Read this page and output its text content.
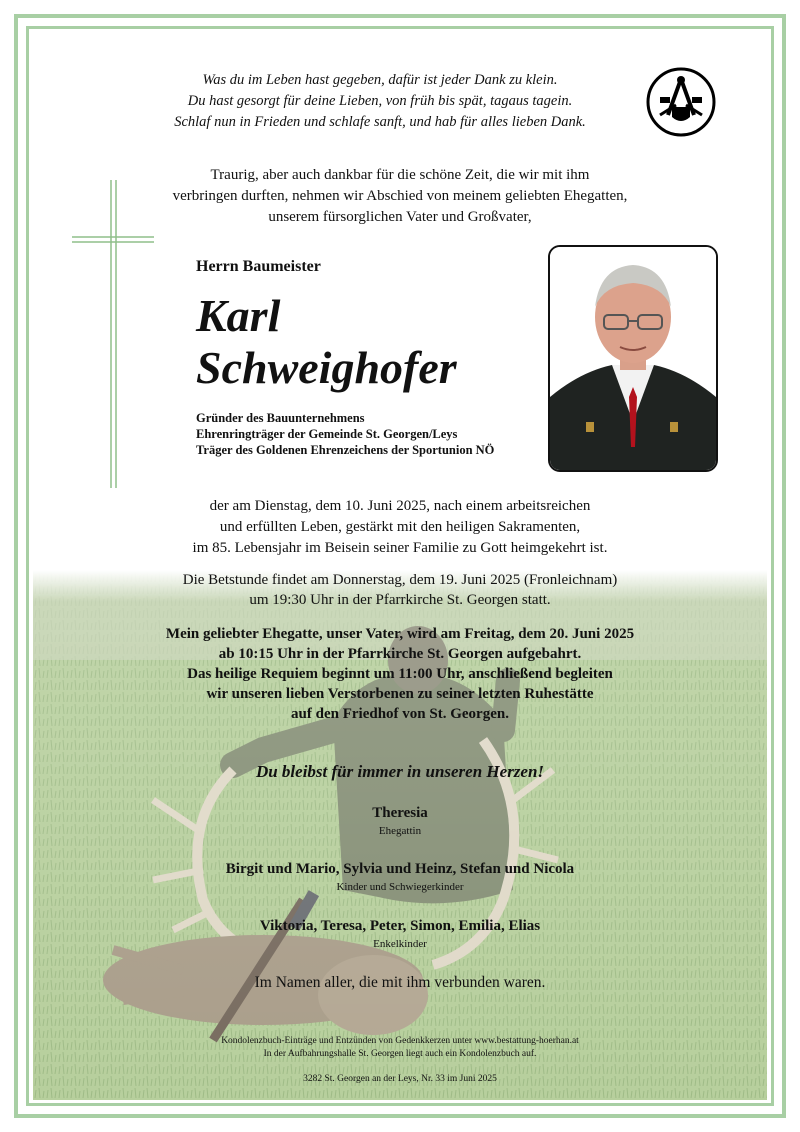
Was du im Leben hast gegeben, dafür ist jeder Dank zu klein.
Du hast gesorgt für deine Lieben, von früh bis spät, tagaus tagein.
Schlaf nun in Frieden und schlafe sanft, und hab für alles lieben Dank.
Traurig, aber auch dankbar für die schöne Zeit, die wir mit ihm
verbringen durften, nehmen wir Abschied von meinem geliebten Ehegatten,
unserem fürsorglichen Vater und Großvater,
Herrn Baumeister
Karl
Schweighofer
Gründer des Bauunternehmens
Ehrenringträger der Gemeinde St. Georgen/Leys
Träger des Goldenen Ehrenzeichens der Sportunion NÖ
der am Dienstag, dem 10. Juni 2025, nach einem arbeitsreichen
und erfüllten Leben, gestärkt mit den heiligen Sakramenten,
im 85. Lebensjahr im Beisein seiner Familie zu Gott heimgekehrt ist.
Die Betstunde findet am Donnerstag, dem 19. Juni 2025 (Fronleichnam)
um 19:30 Uhr in der Pfarrkirche St. Georgen statt.
Mein geliebter Ehegatte, unser Vater, wird am Freitag, dem 20. Juni 2025
ab 10:15 Uhr in der Pfarrkirche St. Georgen aufgebahrt.
Das heilige Requiem beginnt um 11:00 Uhr, anschließend begleiten
wir unseren lieben Verstorbenen zu seiner letzten Ruhestätte
auf den Friedhof von St. Georgen.
Du bleibst für immer in unseren Herzen!
Theresia
Ehegattin
Birgit und Mario, Sylvia und Heinz, Stefan und Nicola
Kinder und Schwiegerkinder
Viktoria, Teresa, Peter, Simon, Emilia, Elias
Enkelkinder
Im Namen aller, die mit ihm verbunden waren.
Kondolenzbuch-Einträge und Entzünden von Gedenkkerzen unter www.bestattung-hoerhan.at
In der Aufbahrungshalle St. Georgen liegt auch ein Kondolenzbuch auf.
3282 St. Georgen an der Leys, Nr. 33 im Juni 2025
